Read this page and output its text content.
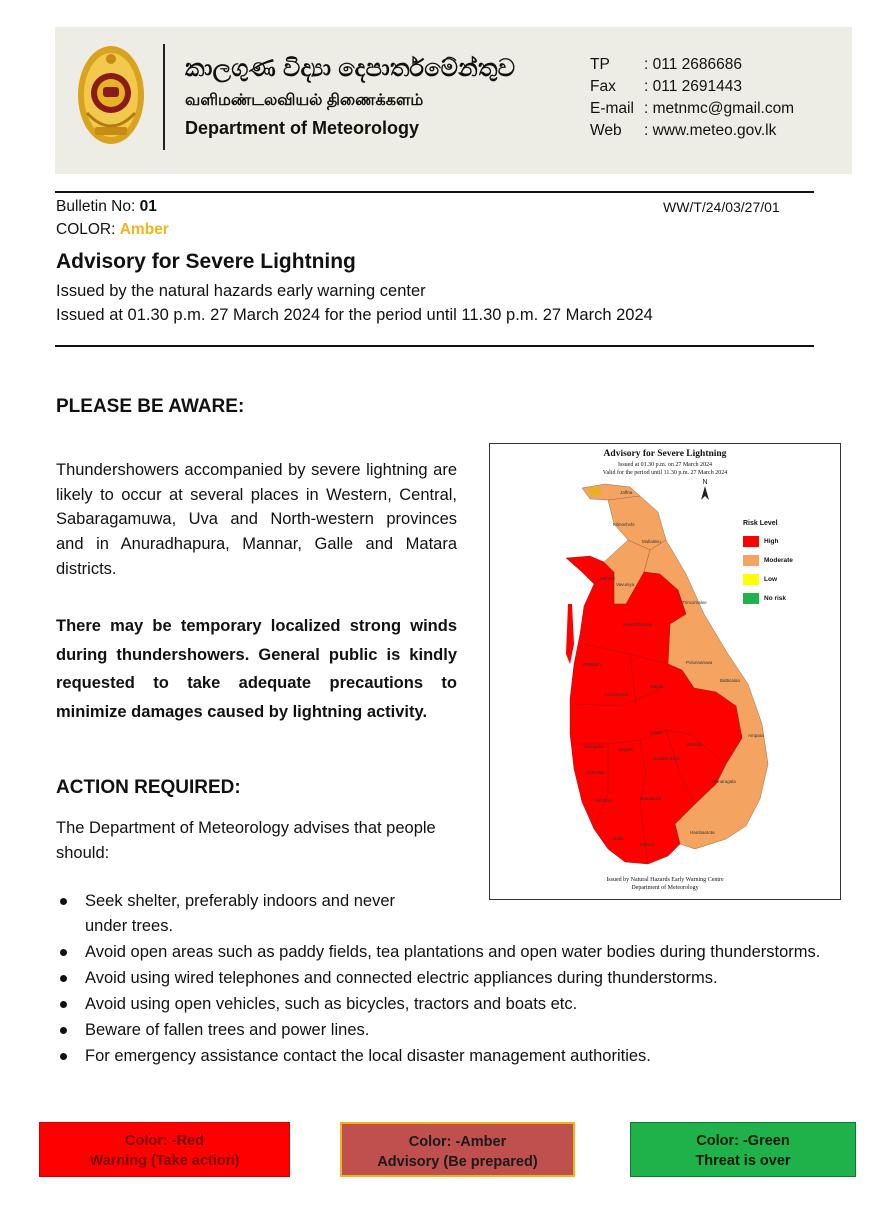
කාලගුණ විද්‍යා දෙපාර්තමේන්තුව
வளிமண்டலவியல் திணைக்களம்
Department of Meteorology
TP	: 011 2686686
Fax	: 011 2691443
E-mail : metnmc@gmail.com
Web	: www.meteo.gov.lk
Bulletin No: 01	WW/T/24/03/27/01
COLOR: Amber
Advisory for Severe Lightning
Issued by the natural hazards early warning center
Issued at 01.30 p.m. 27 March 2024 for the period until 11.30 p.m. 27 March 2024
PLEASE BE AWARE:
Thundershowers accompanied by severe lightning are likely to occur at several places in Western, Central, Sabaragamuwa, Uva and North-western provinces and in Anuradhapura, Mannar, Galle and Matara districts.
There may be temporary localized strong winds during thundershowers. General public is kindly requested to take adequate precautions to minimize damages caused by lightning activity.
Advisory for Severe Lightning
Issued at 01.30 p.m. on 27 March 2024
Valid for the period until 11.30 p.m. 27 March 2024
N
Jaffna
Kilinochchi
Mullaitivu
Mannar
Vavuniya
Trincomalee
Anuradhapura
Polonnaruwa
Puttalam
Kurunegala
Matale
Batticaloa
Kandy
Gampaha
Kegalle
Nuwara Eliya
Ampara
Badulla
Colombo
Kalutara	Ratnapura
Monaragala
Galle
Matara
Hambantota
Risk Level
High
Moderate
Low
No risk
Issued by Natural Hazards Early Warning Centre
Department of Meteorology
ACTION REQUIRED:
The Department of Meteorology advises that people should:
Seek shelter, preferably indoors and never under trees.
Avoid open areas such as paddy fields, tea plantations and open water bodies during thunderstorms.
Avoid using wired telephones and connected electric appliances during thunderstorms.
Avoid using open vehicles, such as bicycles, tractors and boats etc.
Beware of fallen trees and power lines.
For emergency assistance contact the local disaster management authorities.
Color: -Red
Warning (Take action)
Color: -Amber
Advisory (Be prepared)
Color: -Green
Threat is over
